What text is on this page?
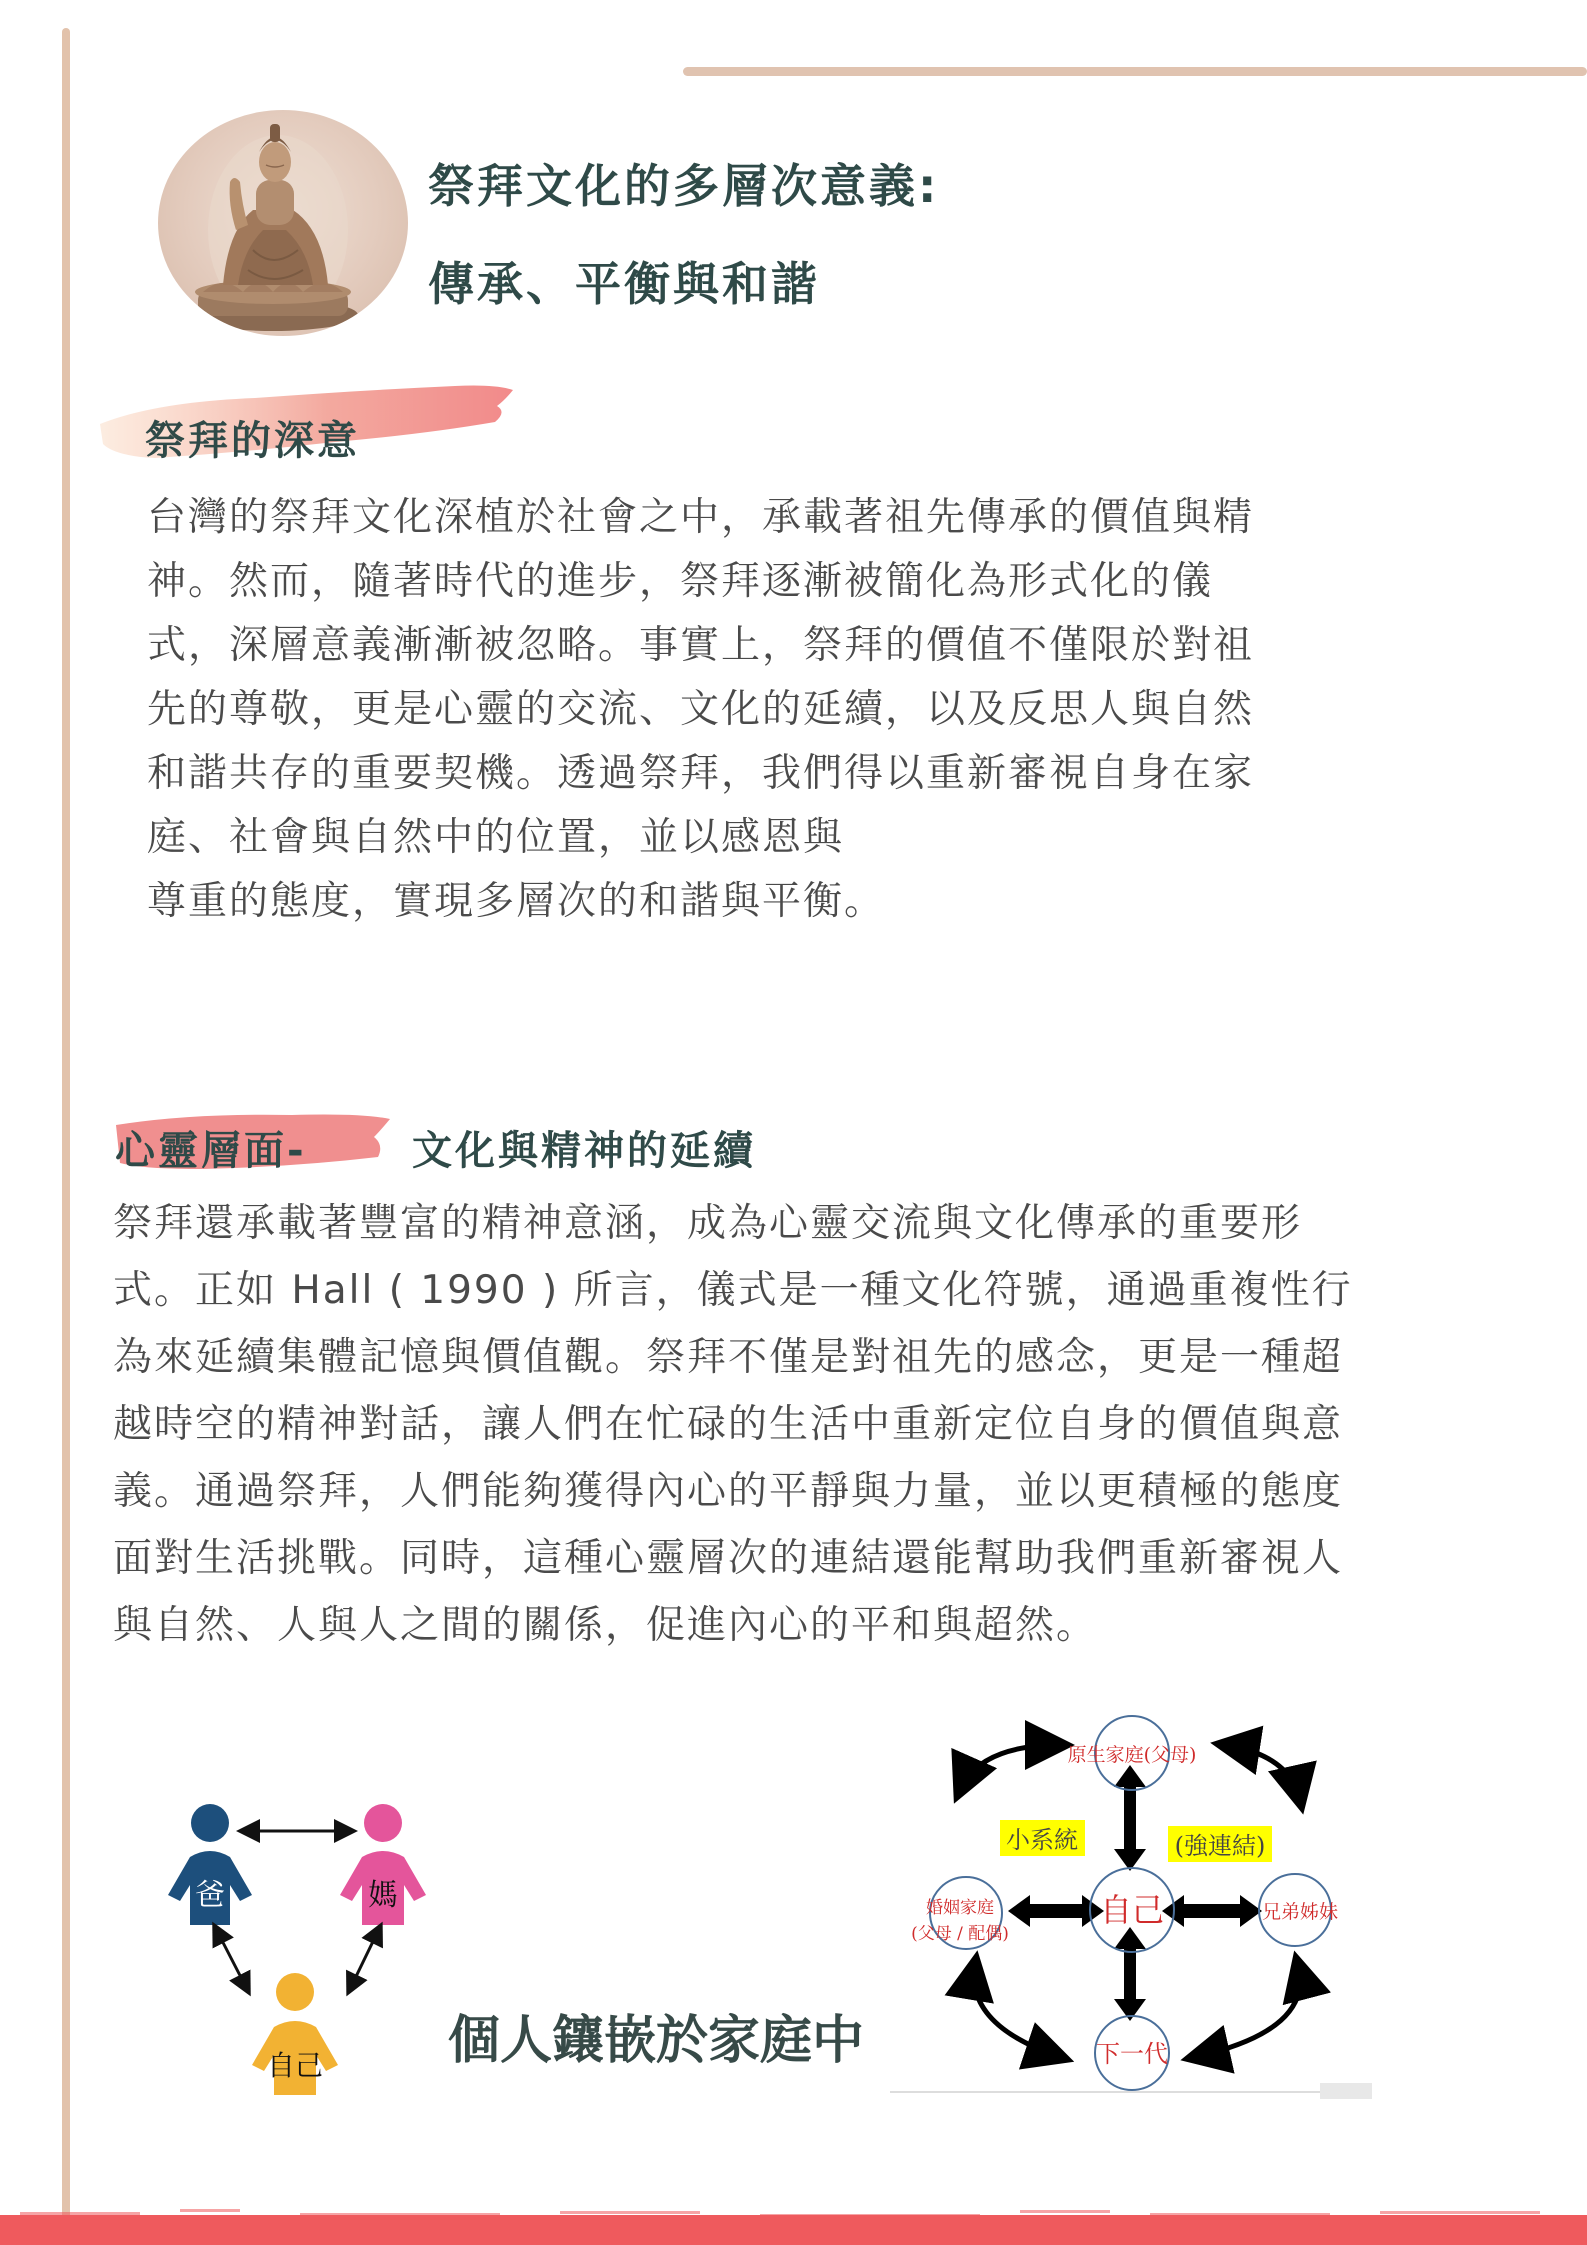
祭拜文化的多層次意義:
傳承、平衡與和諧
祭拜的深意
台灣的祭拜文化深植於社會之中，承載著祖先傳承的價值與精
神。然而，隨著時代的進步，祭拜逐漸被簡化為形式化的儀
式，深層意義漸漸被忽略。事實上，祭拜的價值不僅限於對祖
先的尊敬，更是心靈的交流、文化的延續，以及反思人與自然
和諧共存的重要契機。透過祭拜，我們得以重新審視自身在家
庭、社會與自然中的位置，並以感恩與
尊重的態度，實現多層次的和諧與平衡。
心靈層面-	文化與精神的延續
祭拜還承載著豐富的精神意涵，成為心靈交流與文化傳承的重要形
式。正如 Hall ( 1990 ) 所言，儀式是一種文化符號，通過重複性行
為來延續集體記憶與價值觀。祭拜不僅是對祖先的感念，更是一種超
越時空的精神對話，讓人們在忙碌的生活中重新定位自身的價值與意
義。通過祭拜，人們能夠獲得內心的平靜與力量，並以更積極的態度
面對生活挑戰。同時，這種心靈層次的連結還能幫助我們重新審視人
與自然、人與人之間的關係，促進內心的平和與超然。
爸	媽
自己 個人鑲嵌於家庭中
小系統	(強連結)
原生家庭(父母)
自己
婚姻家庭
(父母 / 配偶)
兄弟姊妹
下一代
